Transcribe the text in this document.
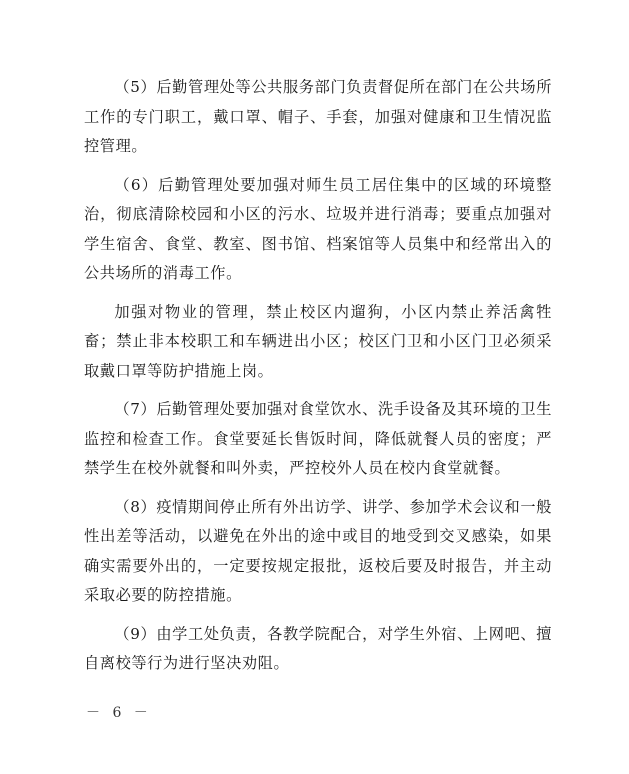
（5）后勤管理处等公共服务部门负责督促所在部门在公共场所工作的专门职工，戴口罩、帽子、手套，加强对健康和卫生情况监控管理。

（6）后勤管理处要加强对师生员工居住集中的区域的环境整治，彻底清除校园和小区的污水、垃圾并进行消毒；要重点加强对学生宿舍、食堂、教室、图书馆、档案馆等人员集中和经常出入的公共场所的消毒工作。

加强对物业的管理，禁止校区内遛狗，小区内禁止养活禽牲畜；禁止非本校职工和车辆进出小区；校区门卫和小区门卫必须采取戴口罩等防护措施上岗。

（7）后勤管理处要加强对食堂饮水、洗手设备及其环境的卫生监控和检查工作。食堂要延长售饭时间，降低就餐人员的密度；严禁学生在校外就餐和叫外卖，严控校外人员在校内食堂就餐。

（8）疫情期间停止所有外出访学、讲学、参加学术会议和一般性出差等活动，以避免在外出的途中或目的地受到交叉感染，如果确实需要外出的，一定要按规定报批，返校后要及时报告，并主动采取必要的防控措施。

（9）由学工处负责，各教学院配合，对学生外宿、上网吧、擅自离校等行为进行坚决劝阻。

－ 6 －
